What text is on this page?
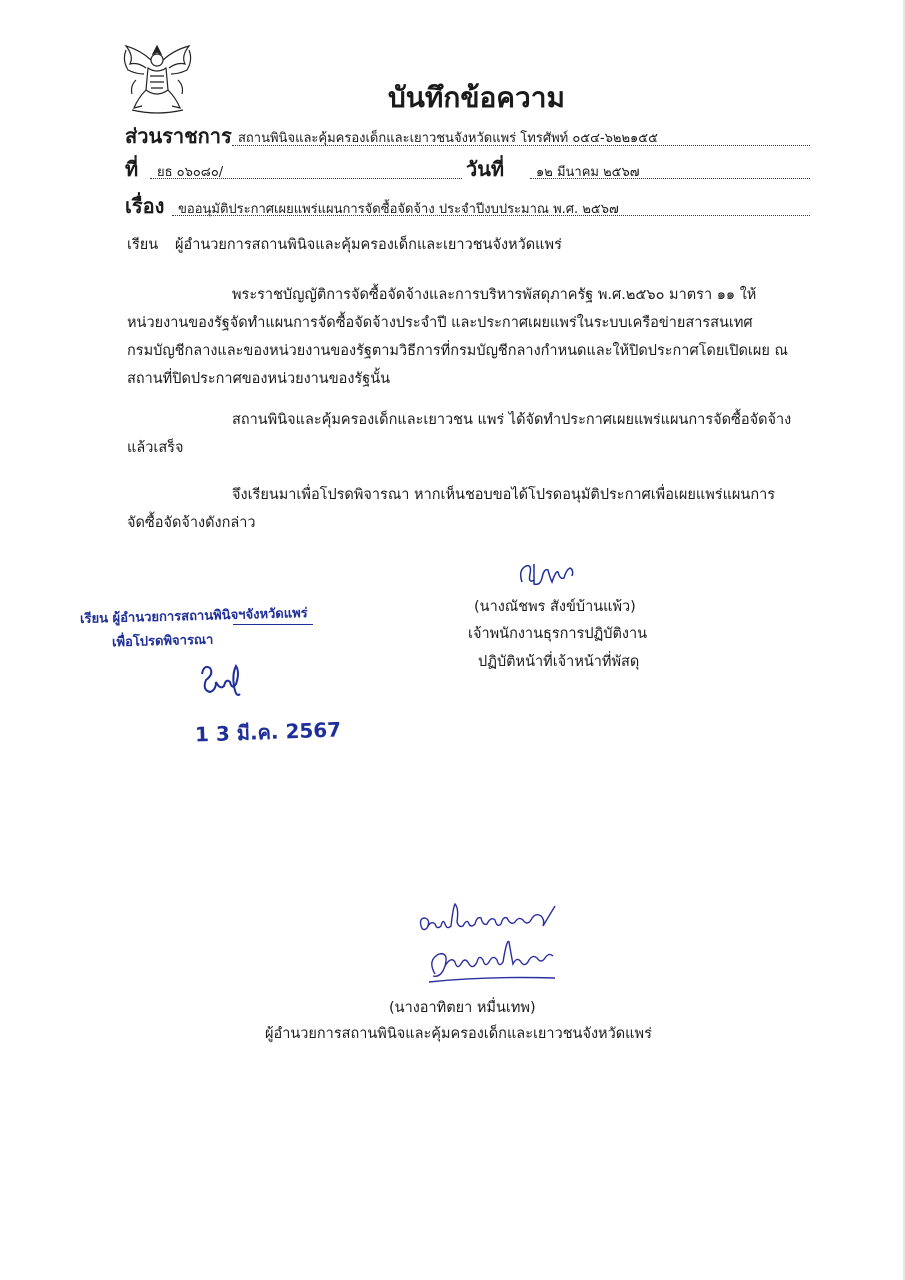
บันทึกข้อความ
ส่วนราชการ สถานพินิจและคุ้มครองเด็กและเยาวชนจังหวัดแพร่ โทรศัพท์ ๐๕๔-๖๒๒๑๕๕
ที่ ยธ ๐๖๐๘๐/	วันที่ ๑๒ มีนาคม ๒๕๖๗
เรื่อง ขออนุมัติประกาศเผยแพร่แผนการจัดซื้อจัดจ้าง ประจำปีงบประมาณ พ.ศ. ๒๕๖๗
เรียน ผู้อำนวยการสถานพินิจและคุ้มครองเด็กและเยาวชนจังหวัดแพร่
พระราชบัญญัติการจัดซื้อจัดจ้างและการบริหารพัสดุภาครัฐ พ.ศ.๒๕๖๐ มาตรา ๑๑ ให้
หน่วยงานของรัฐจัดทำแผนการจัดซื้อจัดจ้างประจำปี และประกาศเผยแพร่ในระบบเครือข่ายสารสนเทศ
กรมบัญชีกลางและของหน่วยงานของรัฐตามวิธีการที่กรมบัญชีกลางกำหนดและให้ปิดประกาศโดยเปิดเผย ณ
สถานที่ปิดประกาศของหน่วยงานของรัฐนั้น
สถานพินิจและคุ้มครองเด็กและเยาวชน แพร่ ได้จัดทำประกาศเผยแพร่แผนการจัดซื้อจัดจ้าง
แล้วเสร็จ
จึงเรียนมาเพื่อโปรดพิจารณา หากเห็นชอบขอได้โปรดอนุมัติประกาศเพื่อเผยแพร่แผนการ
จัดซื้อจัดจ้างดังกล่าว
(นางณัชพร สังข์บ้านแพ้ว)
เจ้าพนักงานธุรการปฏิบัติงาน
ปฏิบัติหน้าที่เจ้าหน้าที่พัสดุ
เรียน ผู้อำนวยการสถานพินิจฯจังหวัดแพร่
เพื่อโปรดพิจารณา
1 3 มี.ค. 2567
(นางอาทิตยา หมื่นเทพ)
ผู้อำนวยการสถานพินิจและคุ้มครองเด็กและเยาวชนจังหวัดแพร่
